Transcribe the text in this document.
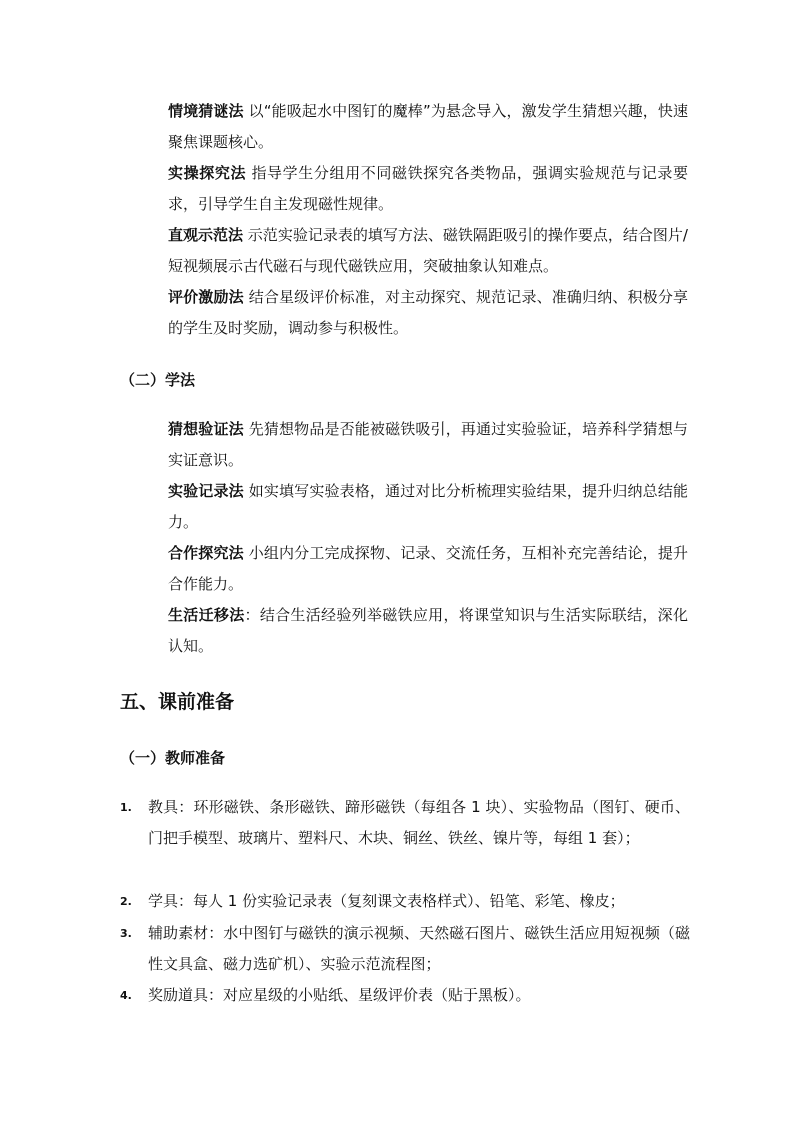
情境猜谜法 以“能吸起水中图钉的魔棒”为悬念导入，激发学生猜想兴趣，快速聚焦课题核心。
实操探究法 指导学生分组用不同磁铁探究各类物品，强调实验规范与记录要求，引导学生自主发现磁性规律。
直观示范法 示范实验记录表的填写方法、磁铁隔距吸引的操作要点，结合图片/短视频展示古代磁石与现代磁铁应用，突破抽象认知难点。
评价激励法 结合星级评价标准，对主动探究、规范记录、准确归纳、积极分享的学生及时奖励，调动参与积极性。
（二）学法
猜想验证法 先猜想物品是否能被磁铁吸引，再通过实验验证，培养科学猜想与实证意识。
实验记录法 如实填写实验表格，通过对比分析梳理实验结果，提升归纳总结能力。
合作探究法 小组内分工完成探物、记录、交流任务，互相补充完善结论，提升合作能力。
生活迁移法：结合生活经验列举磁铁应用，将课堂知识与生活实际联结，深化认知。
五、课前准备
（一）教师准备
1. 教具：环形磁铁、条形磁铁、蹄形磁铁（每组各 1 块）、实验物品（图钉、硬币、门把手模型、玻璃片、塑料尺、木块、铜丝、铁丝、镍片等，每组 1 套）；
2. 学具：每人 1 份实验记录表（复刻课文表格样式）、铅笔、彩笔、橡皮；
3. 辅助素材：水中图钉与磁铁的演示视频、天然磁石图片、磁铁生活应用短视频（磁性文具盒、磁力选矿机）、实验示范流程图；
4. 奖励道具：对应星级的小贴纸、星级评价表（贴于黑板）。
